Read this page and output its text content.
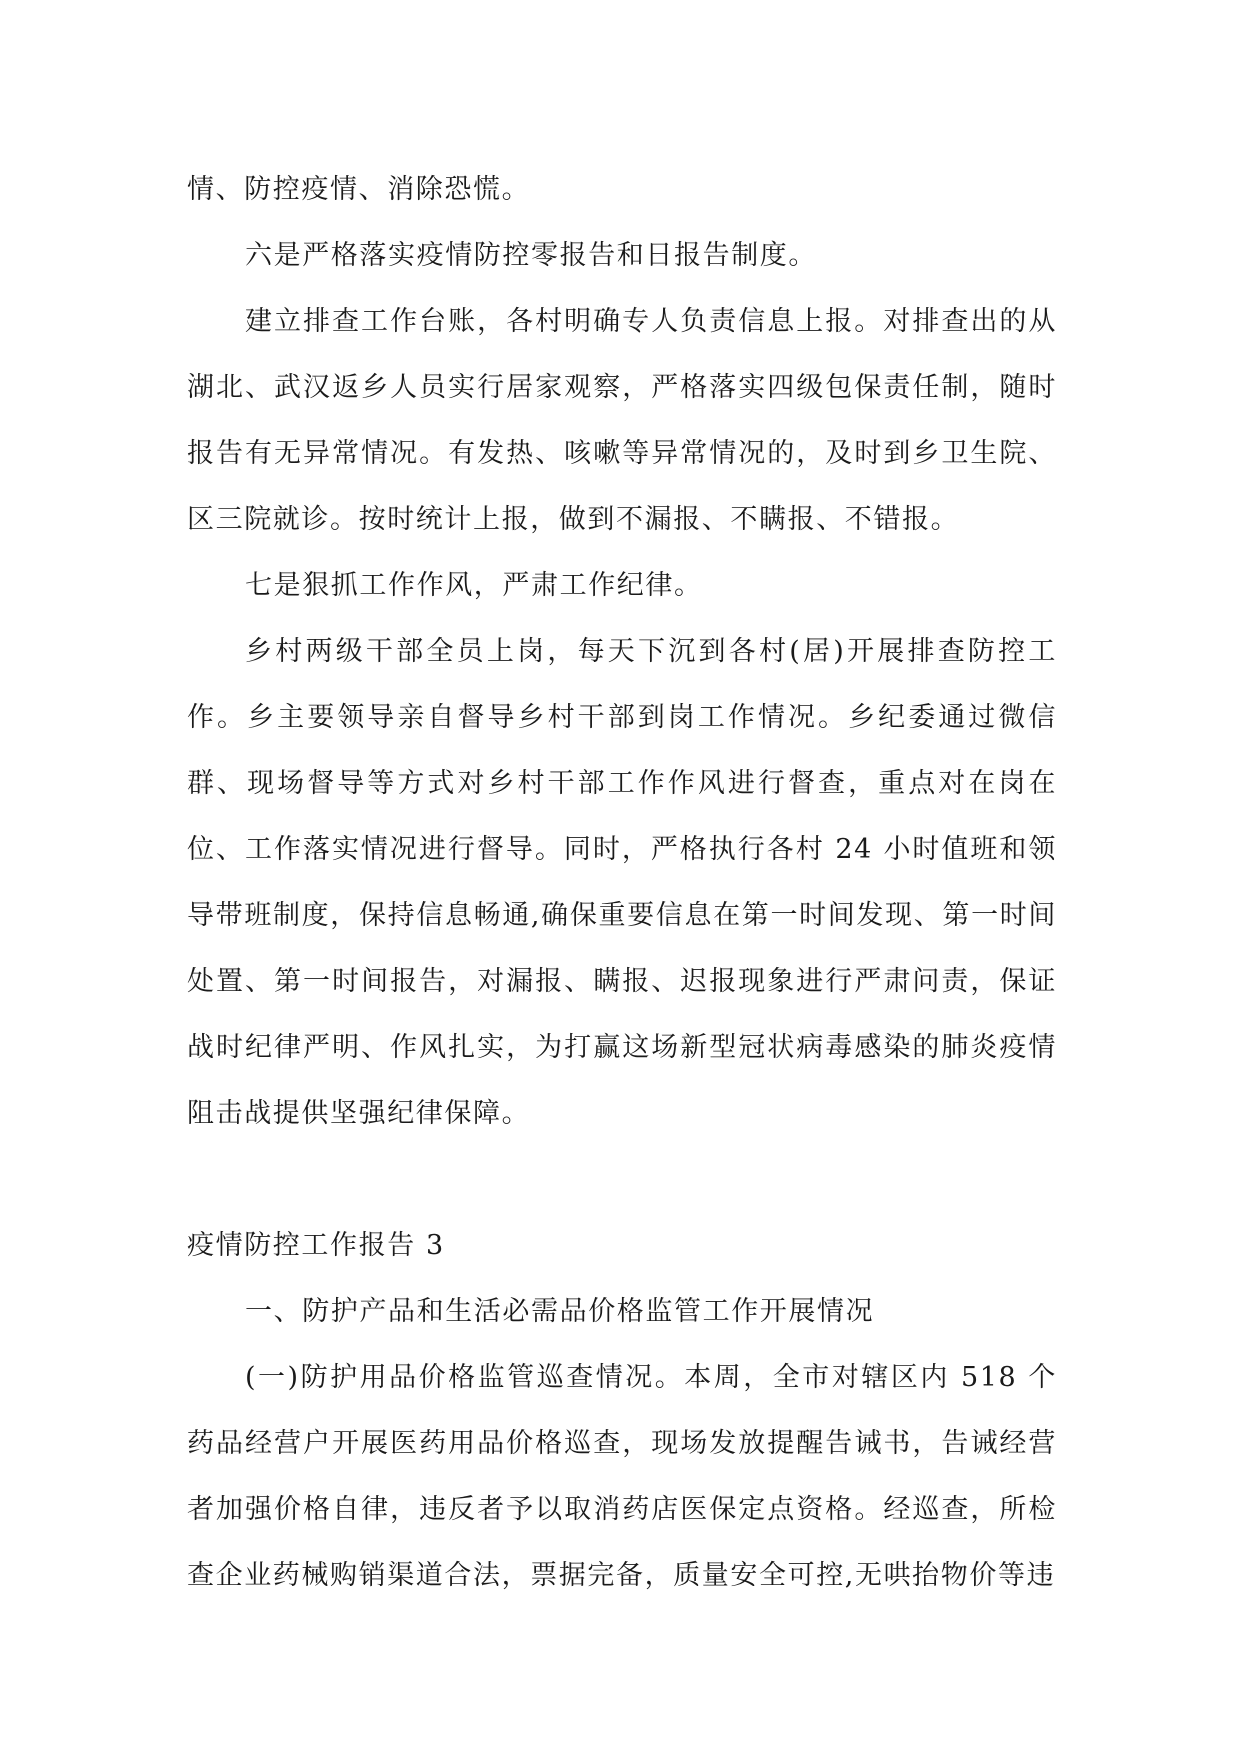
情、防控疫情、消除恐慌。

六是严格落实疫情防控零报告和日报告制度。

建立排查工作台账，各村明确专人负责信息上报。对排查出的从湖北、武汉返乡人员实行居家观察，严格落实四级包保责任制，随时报告有无异常情况。有发热、咳嗽等异常情况的，及时到乡卫生院、区三院就诊。按时统计上报，做到不漏报、不瞒报、不错报。

七是狠抓工作作风，严肃工作纪律。

乡村两级干部全员上岗，每天下沉到各村(居)开展排查防控工作。乡主要领导亲自督导乡村干部到岗工作情况。乡纪委通过微信群、现场督导等方式对乡村干部工作作风进行督查，重点对在岗在位、工作落实情况进行督导。同时，严格执行各村 24 小时值班和领导带班制度，保持信息畅通,确保重要信息在第一时间发现、第一时间处置、第一时间报告，对漏报、瞒报、迟报现象进行严肃问责，保证战时纪律严明、作风扎实，为打赢这场新型冠状病毒感染的肺炎疫情阻击战提供坚强纪律保障。

疫情防控工作报告 3

一、防护产品和生活必需品价格监管工作开展情况

(一)防护用品价格监管巡查情况。本周，全市对辖区内 518 个药品经营户开展医药用品价格巡查，现场发放提醒告诫书，告诫经营者加强价格自律，违反者予以取消药店医保定点资格。经巡查，所检查企业药械购销渠道合法，票据完备，质量安全可控,无哄抬物价等违
